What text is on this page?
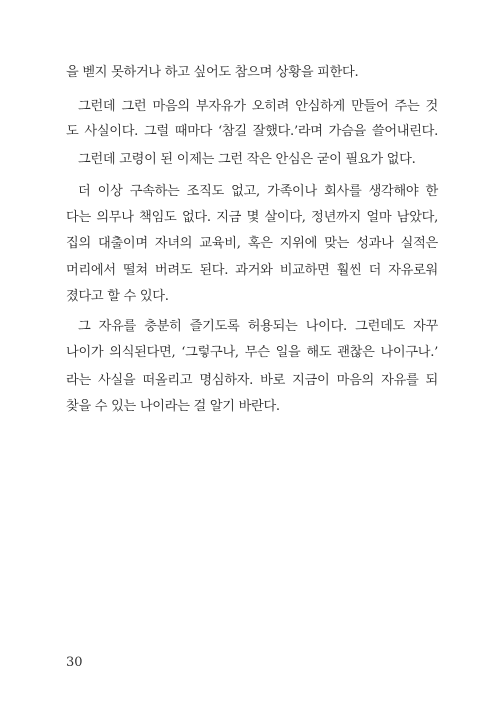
을 벧지 못하거나 하고 싶어도 참으며 상황을 피한다.
그런데 그런 마음의 부자유가 오히려 안심하게 만들어 주는 것
도 사실이다. 그럴 때마다 ‘참길 잘했다.’라며 가슴을 쓸어내린다.
그런데 고령이 된 이제는 그런 작은 안심은 굳이 필요가 없다.
더 이상 구속하는 조직도 없고, 가족이나 회사를 생각해야 한
다는 의무나 책임도 없다. 지금 몇 살이다, 정년까지 얼마 남았다,
집의 대출이며 자녀의 교육비, 혹은 지위에 맞는 성과나 실적은
머리에서 떨쳐 버려도 된다. 과거와 비교하면 훨씬 더 자유로워
졌다고 할 수 있다.
그 자유를 충분히 즐기도록 허용되는 나이다. 그런데도 자꾸
나이가 의식된다면, ‘그렇구나, 무슨 일을 해도 괜찮은 나이구나.’
라는 사실을 떠올리고 명심하자. 바로 지금이 마음의 자유를 되
찾을 수 있는 나이라는 걸 알기 바란다.
30
